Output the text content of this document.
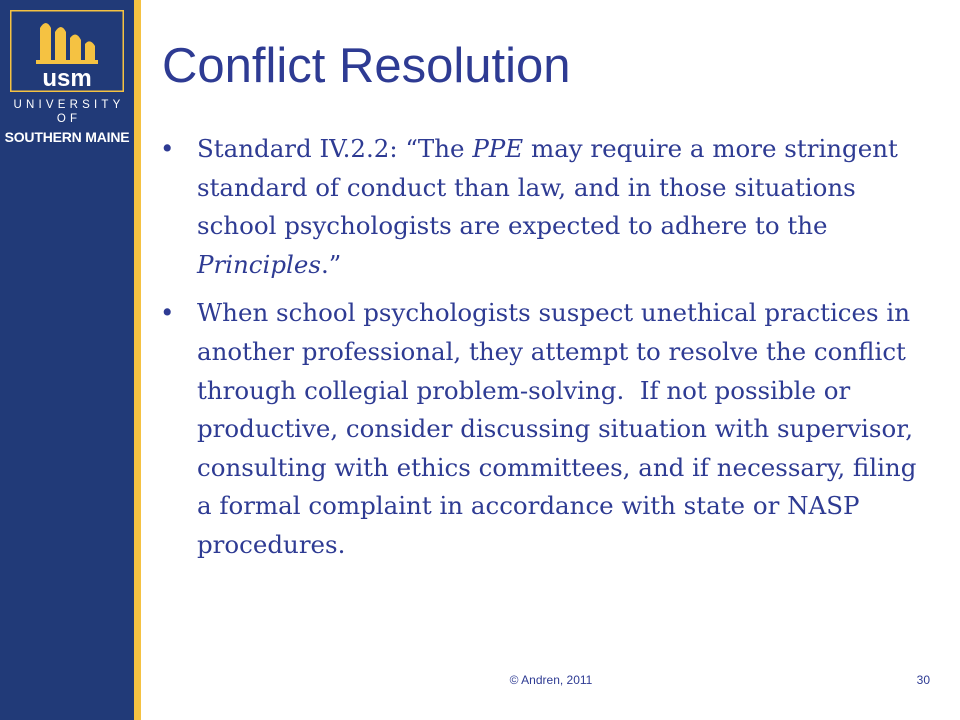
usm
UNIVERSITY OF
SOUTHERN MAINE
Conflict Resolution
• Standard IV.2.2: “The PPE may require a more stringent standard of conduct than law, and in those situations school psychologists are expected to adhere to the Principles.”
• When school psychologists suspect unethical practices in another professional, they attempt to resolve the conflict through collegial problem-solving.  If not possible or productive, consider discussing situation with supervisor, consulting with ethics committees, and if necessary, filing a formal complaint in accordance with state or NASP procedures.
© Andren, 2011	30
